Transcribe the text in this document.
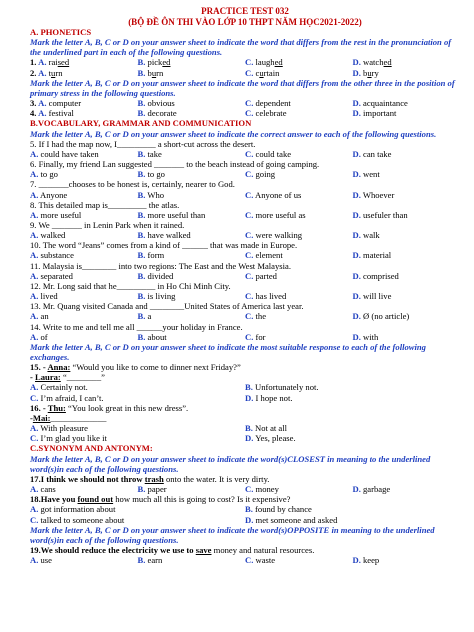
PRACTICE TEST 032
(BỘ ĐỀ ÔN THI VÀO LỚP 10 THPT NĂM HỌC2021-2022)
A. PHONETICS
Mark the letter A, B, C or D on your answer sheet to indicate the word that differs from the rest in the pronunciation of the underlined part in each of the following questions.
1. A. raised	B. picked	C. laughed	D. watched
2. A. turn	B. burn	C. curtain	D. bury
Mark the letter A, B, C or D on your answer sheet to indicate the word that differs from the other three in the position of primary stress in the following questions.
3. A. computer	B. obvious	C. dependent	D. acquaintance
4. A. festival	B. decorate	C. celebrate	D. important
B.VOCABULARY, GRAMMAR AND COMMUNICATION
Mark the letter A, B, C or D on your answer sheet to indicate the correct answer to each of the following questions.
5. If I had the map now, I_________ a short-cut across the desert.
A. could have taken	B. take	C. could take	D. can take
6. Finally, my friend Lan suggested _______ to the beach instead of going camping.
A. to go	B. to go	C. going	D. went
7. _______chooses to be honest is, certainly, nearer to God.
A. Anyone	B. Who	C. Anyone of us	D. Whoever
8. This detailed map is_________ the atlas.
A. more useful	B. more useful than	C. more useful as	D. usefuler than
9. We _______ in Lenin Park when it rained.
A. walked	B. have walked	C. were walking	D. walk
10. The word “Jeans” comes from a kind of ______ that was made in Europe.
A. substance	B. form	C. element	D. material
11. Malaysia is________ into two regions: The East and the West Malaysia.
A. separated	B. divided	C. parted	D. comprised
12. Mr. Long said that he_________ in Ho Chi Minh City.
A. lived	B. is living	C. has lived	D. will live
13. Mr. Quang visited Canada and ________United States of America last year.
A. an	B. a	C. the	D. Ø (no article)
14. Write to me and tell me all ______your holiday in France.
A. of	B. about	C. for	D. with
Mark the letter A, B, C or D on your answer sheet to indicate the most suitable response to each of the following exchanges.
15. - Anna: “Would you like to come to dinner next Friday?”
- Laura: “________”
A. Certainly not.	B. Unfortunately not.
C. I’m afraid, I can’t.	D. I hope not.
16. - Thu: “You look great in this new dress”.
-Mai:_____________
A. With pleasure	B. Not at all
C. I’m glad you like it	D. Yes, please.
C.SYNONYM AND ANTONYM:
Mark the letter A, B, C or D on your answer sheet to indicate the word(s)CLOSEST in meaning to the underlined word(s)in each of the following questions.
17.I think we should not throw trash onto the water. It is very dirty.
A. cans	B. paper	C. money	D. garbage
18.Have you found out how much all this is going to cost? Is it expensive?
A. got information about	B. found by chance
C. talked to someone about	D. met someone and asked
Mark the letter A, B, C or D on your answer sheet to indicate the word(s)OPPOSITE in meaning to the underlined word(s)in each of the following questions.
19.We should reduce the electricity we use to save money and natural resources.
A. use	B. earn	C. waste	D. keep
